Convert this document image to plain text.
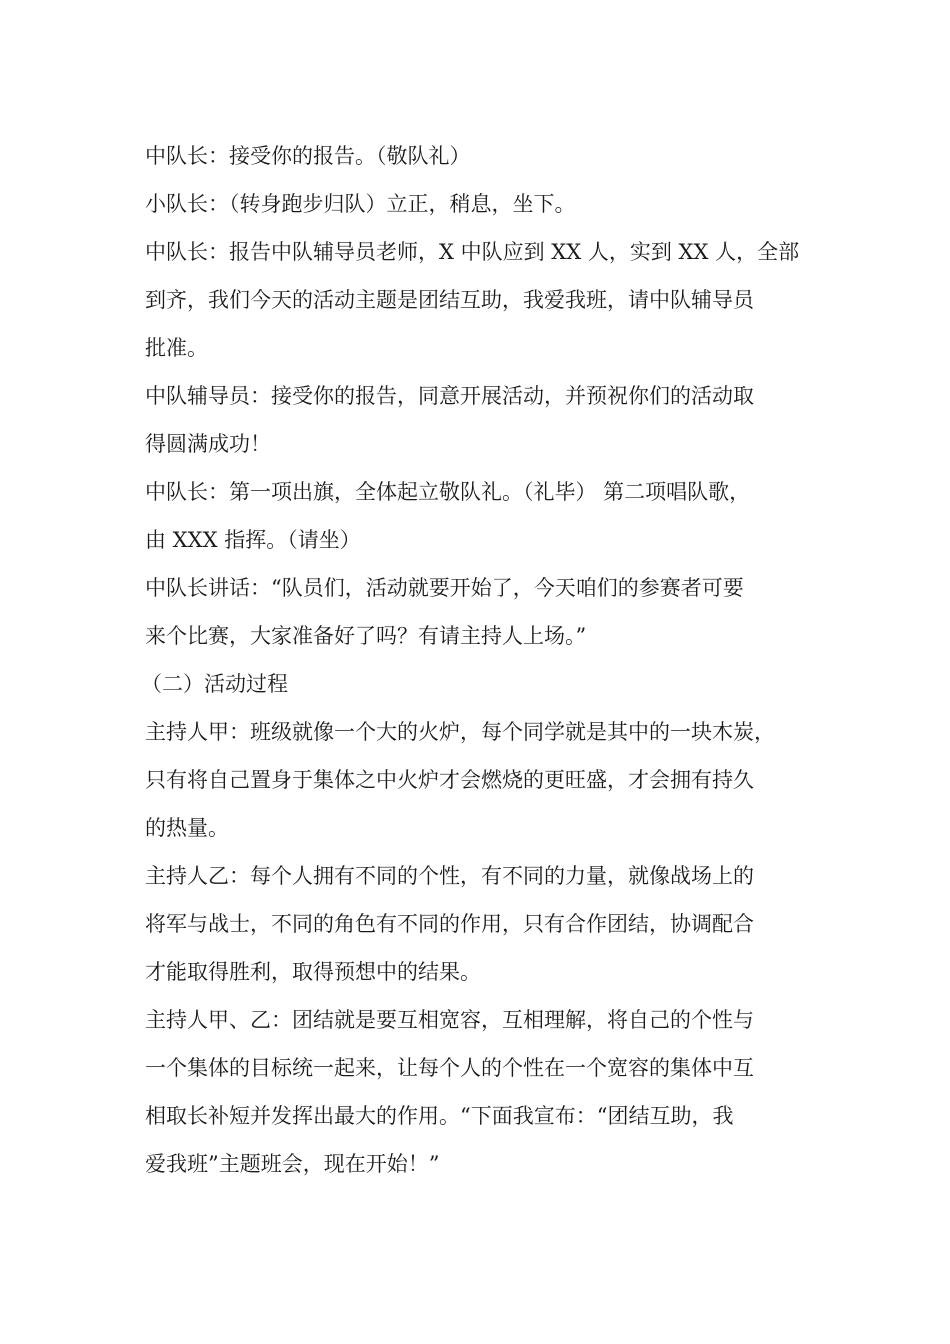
中队长：接受你的报告。（敬队礼）
小队长：（转身跑步归队）立正，稍息，坐下。
中队长：报告中队辅导员老师，X 中队应到 XX 人，实到 XX 人，全部
到齐，我们今天的活动主题是团结互助，我爱我班，请中队辅导员
批准。
中队辅导员：接受你的报告，同意开展活动，并预祝你们的活动取
得圆满成功！
中队长：第一项出旗，全体起立敬队礼。（礼毕） 第二项唱队歌，
由 XXX 指挥。（请坐）
中队长讲话：“队员们，活动就要开始了，今天咱们的参赛者可要
来个比赛，大家准备好了吗？有请主持人上场。”
（二）活动过程
主持人甲：班级就像一个大的火炉，每个同学就是其中的一块木炭，
只有将自己置身于集体之中火炉才会燃烧的更旺盛，才会拥有持久
的热量。
主持人乙：每个人拥有不同的个性，有不同的力量，就像战场上的
将军与战士，不同的角色有不同的作用，只有合作团结，协调配合
才能取得胜利，取得预想中的结果。
主持人甲、乙：团结就是要互相宽容，互相理解，将自己的个性与
一个集体的目标统一起来，让每个人的个性在一个宽容的集体中互
相取长补短并发挥出最大的作用。“下面我宣布：“团结互助，我
爱我班”主题班会，现在开始！”
